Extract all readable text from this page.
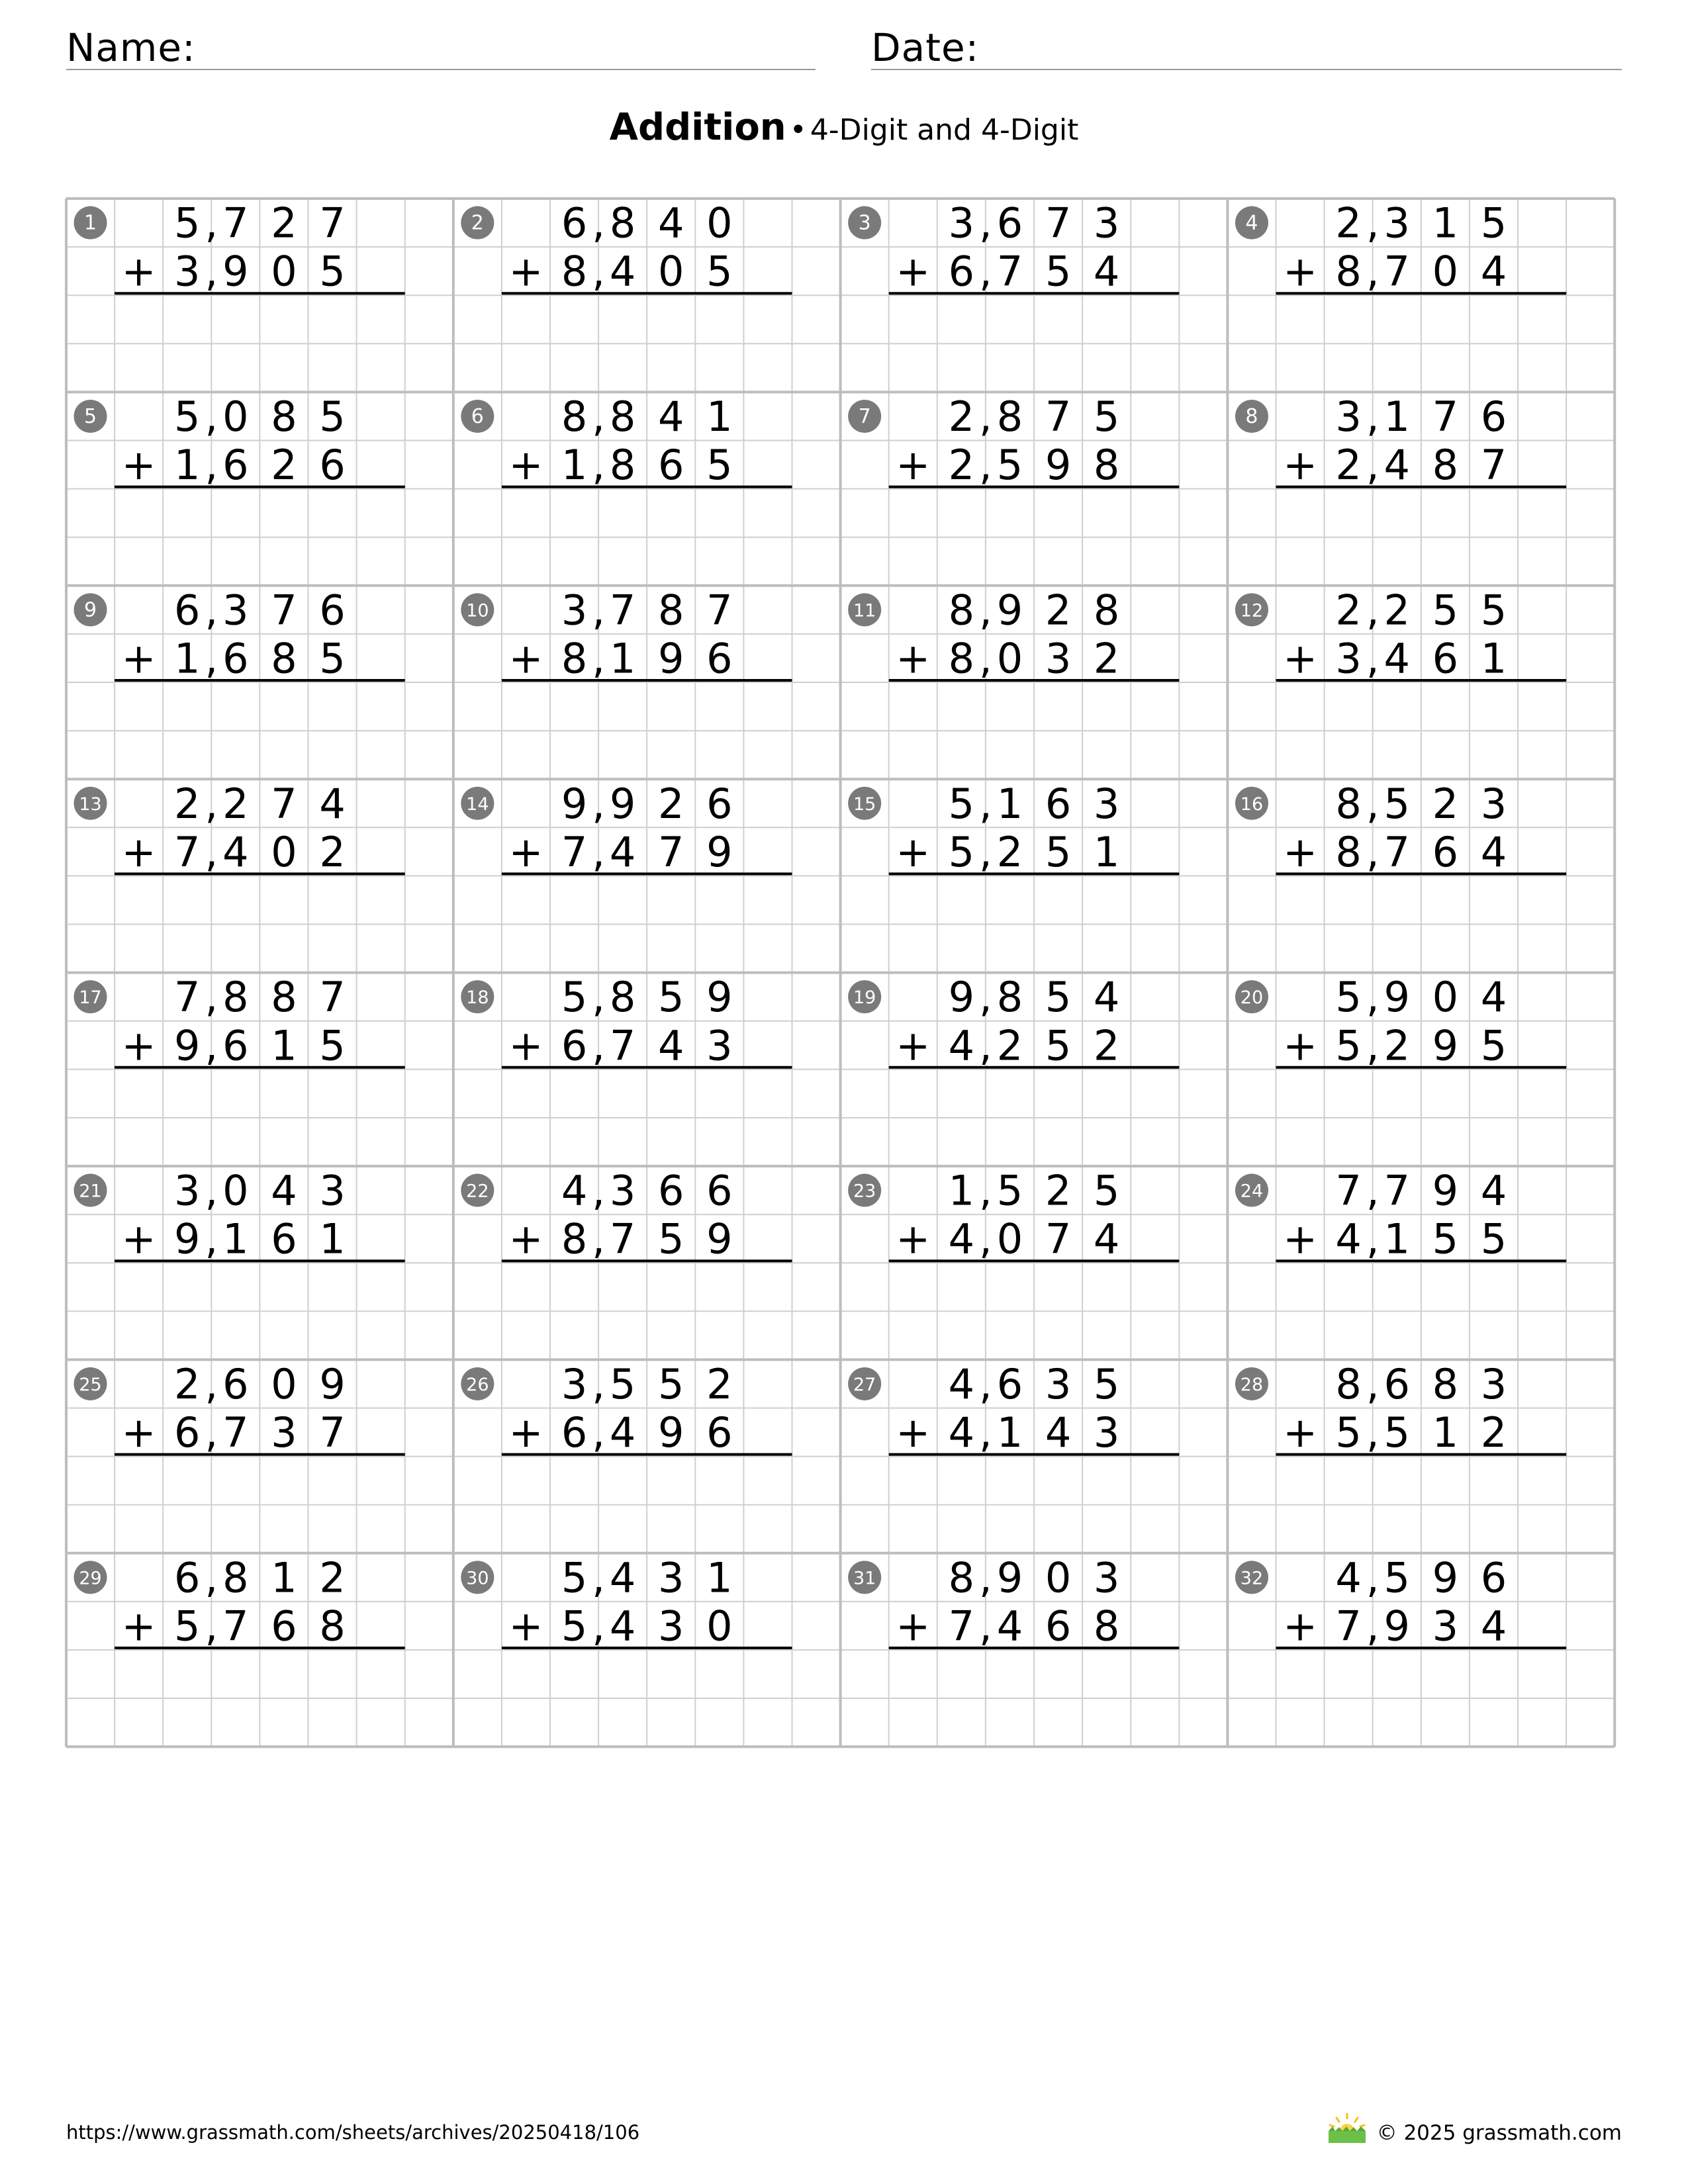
Name:	Date:
Addition • 4-Digit and 4-Digit
1 5 7 2 7
,
3 9 0 5
,
+
2 6 8 4 0
,
8 4 0 5
,
+
3 3 6 7 3
,
6 7 5 4
,
+
4 2 3 1 5
,
8 7 0 4
,
+
5 5 0 8 5
,
1 6 2 6
,
+
6 8 8 4 1
,
1 8 6 5
,
+
7 2 8 7 5
,
2 5 9 8
,
+
8 3 1 7 6
,
2 4 8 7
,
+
9 6 3 7 6
,
1 6 8 5
,
+
10 3 7 8 7
,
8 1 9 6
,
+
11 8 9 2 8
,
8 0 3 2
,
+
12 2 2 5 5
,
3 4 6 1
,
+
13 2 2 7 4
,
7 4 0 2
,
+
14 9 9 2 6
,
7 4 7 9
,
+
15 5 1 6 3
,
5 2 5 1
,
+
16 8 5 2 3
,
8 7 6 4
,
+
17 7 8 8 7
,
9 6 1 5
,
+
18 5 8 5 9
,
6 7 4 3
,
+
19 9 8 5 4
,
4 2 5 2
,
+
20 5 9 0 4
,
5 2 9 5
,
+
21 3 0 4 3
,
9 1 6 1
,
+
22 4 3 6 6
,
8 7 5 9
,
+
23 1 5 2 5
,
4 0 7 4
,
+
24 7 7 9 4
,
4 1 5 5
,
+
25 2 6 0 9
,
6 7 3 7
,
+
26 3 5 5 2
,
6 4 9 6
,
+
27 4 6 3 5
,
4 1 4 3
,
+
28 8 6 8 3
,
5 5 1 2
,
+
29 6 8 1 2
,
5 7 6 8
,
+
30 5 4 3 1
,
5 4 3 0
,
+
31 8 9 0 3
,
7 4 6 8
,
+
32 4 5 9 6
,
7 9 3 4
,
+
https://www.grassmath.com/sheets/archives/20250418/106	© 2025 grassmath.com
